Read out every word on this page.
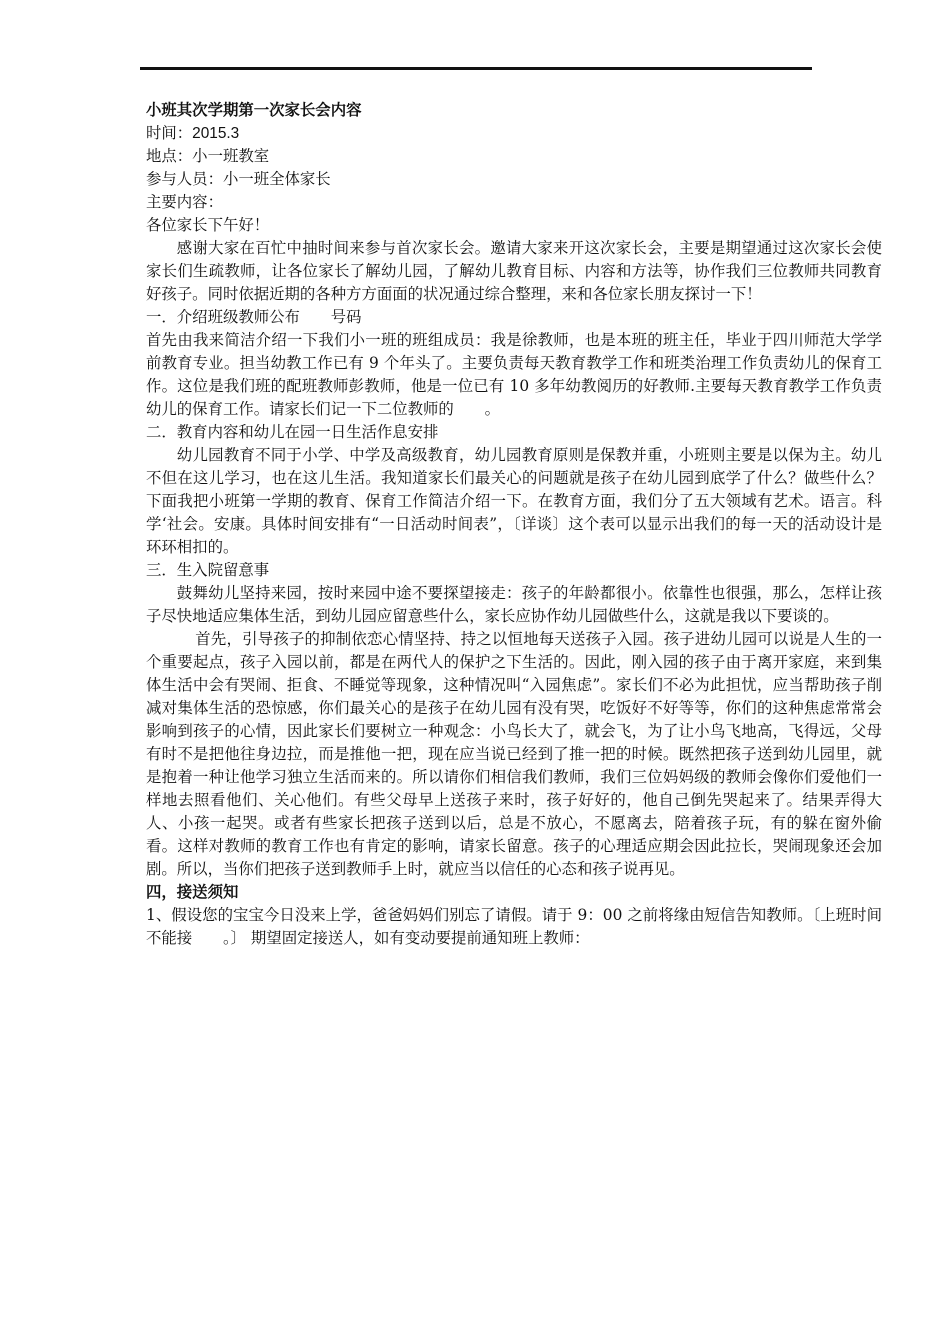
小班其次学期第一次家长会内容

时间：2015.3

地点：小一班教室

参与人员：小一班全体家长

主要内容：

各位家长下午好！

感谢大家在百忙中抽时间来参与首次家长会。邀请大家来开这次家长会，主要是期望通过这次家长会使家长们生疏教师，让各位家长了解幼儿园，了解幼儿教育目标、内容和方法等，协作我们三位教师共同教育好孩子。同时依据近期的各种方方面面的状况通过综合整理，来和各位家长朋友探讨一下！

一．介绍班级教师公布　　号码

首先由我来简洁介绍一下我们小一班的班组成员：我是徐教师，也是本班的班主任，毕业于四川师范大学学前教育专业。担当幼教工作已有 9 个年头了。主要负责每天教育教学工作和班类治理工作负责幼儿的保育工作。这位是我们班的配班教师彭教师，他是一位已有 10 多年幼教阅历的好教师.主要每天教育教学工作负责幼儿的保育工作。请家长们记一下二位教师的　　。

二．教育内容和幼儿在园一日生活作息安排

幼儿园教育不同于小学、中学及高级教育，幼儿园教育原则是保教并重，小班则主要是以保为主。幼儿不但在这儿学习，也在这儿生活。我知道家长们最关心的问题就是孩子在幼儿园到底学了什么？做些什么？下面我把小班第一学期的教育、保育工作简洁介绍一下。在教育方面，我们分了五大领域有艺术。语言。科学‘社会。安康。具体时间安排有“一日活动时间表”，〔详谈〕这个表可以显示出我们的每一天的活动设计是环环相扣的。

三．生入院留意事

鼓舞幼儿坚持来园，按时来园中途不要探望接走：孩子的年龄都很小。依靠性也很强，那么，怎样让孩子尽快地适应集体生活，到幼儿园应留意些什么，家长应协作幼儿园做些什么，这就是我以下要谈的。

首先，引导孩子的抑制依恋心情坚持、持之以恒地每天送孩子入园。孩子进幼儿园可以说是人生的一个重要起点，孩子入园以前，都是在两代人的保护之下生活的。因此，刚入园的孩子由于离开家庭，来到集体生活中会有哭闹、拒食、不睡觉等现象，这种情况叫“入园焦虑”。家长们不必为此担忧，应当帮助孩子削减对集体生活的恐惊感，你们最关心的是孩子在幼儿园有没有哭，吃饭好不好等等，你们的这种焦虑常常会影响到孩子的心情，因此家长们要树立一种观念：小鸟长大了，就会飞，为了让小鸟飞地高，飞得远，父母有时不是把他往身边拉，而是推他一把，现在应当说已经到了推一把的时候。既然把孩子送到幼儿园里，就是抱着一种让他学习独立生活而来的。所以请你们相信我们教师，我们三位妈妈级的教师会像你们爱他们一样地去照看他们、关心他们。有些父母早上送孩子来时，孩子好好的，他自己倒先哭起来了。结果弄得大人、小孩一起哭。或者有些家长把孩子送到以后，总是不放心，不愿离去，陪着孩子玩，有的躲在窗外偷看。这样对教师的教育工作也有肯定的影响，请家长留意。孩子的心理适应期会因此拉长，哭闹现象还会加剧。所以，当你们把孩子送到教师手上时，就应当以信任的心态和孩子说再见。

四，接送须知

1、假设您的宝宝今日没来上学，爸爸妈妈们别忘了请假。请于 9：00 之前将缘由短信告知教师。〔上班时间不能接　　。〕 期望固定接送人，如有变动要提前通知班上教师：
